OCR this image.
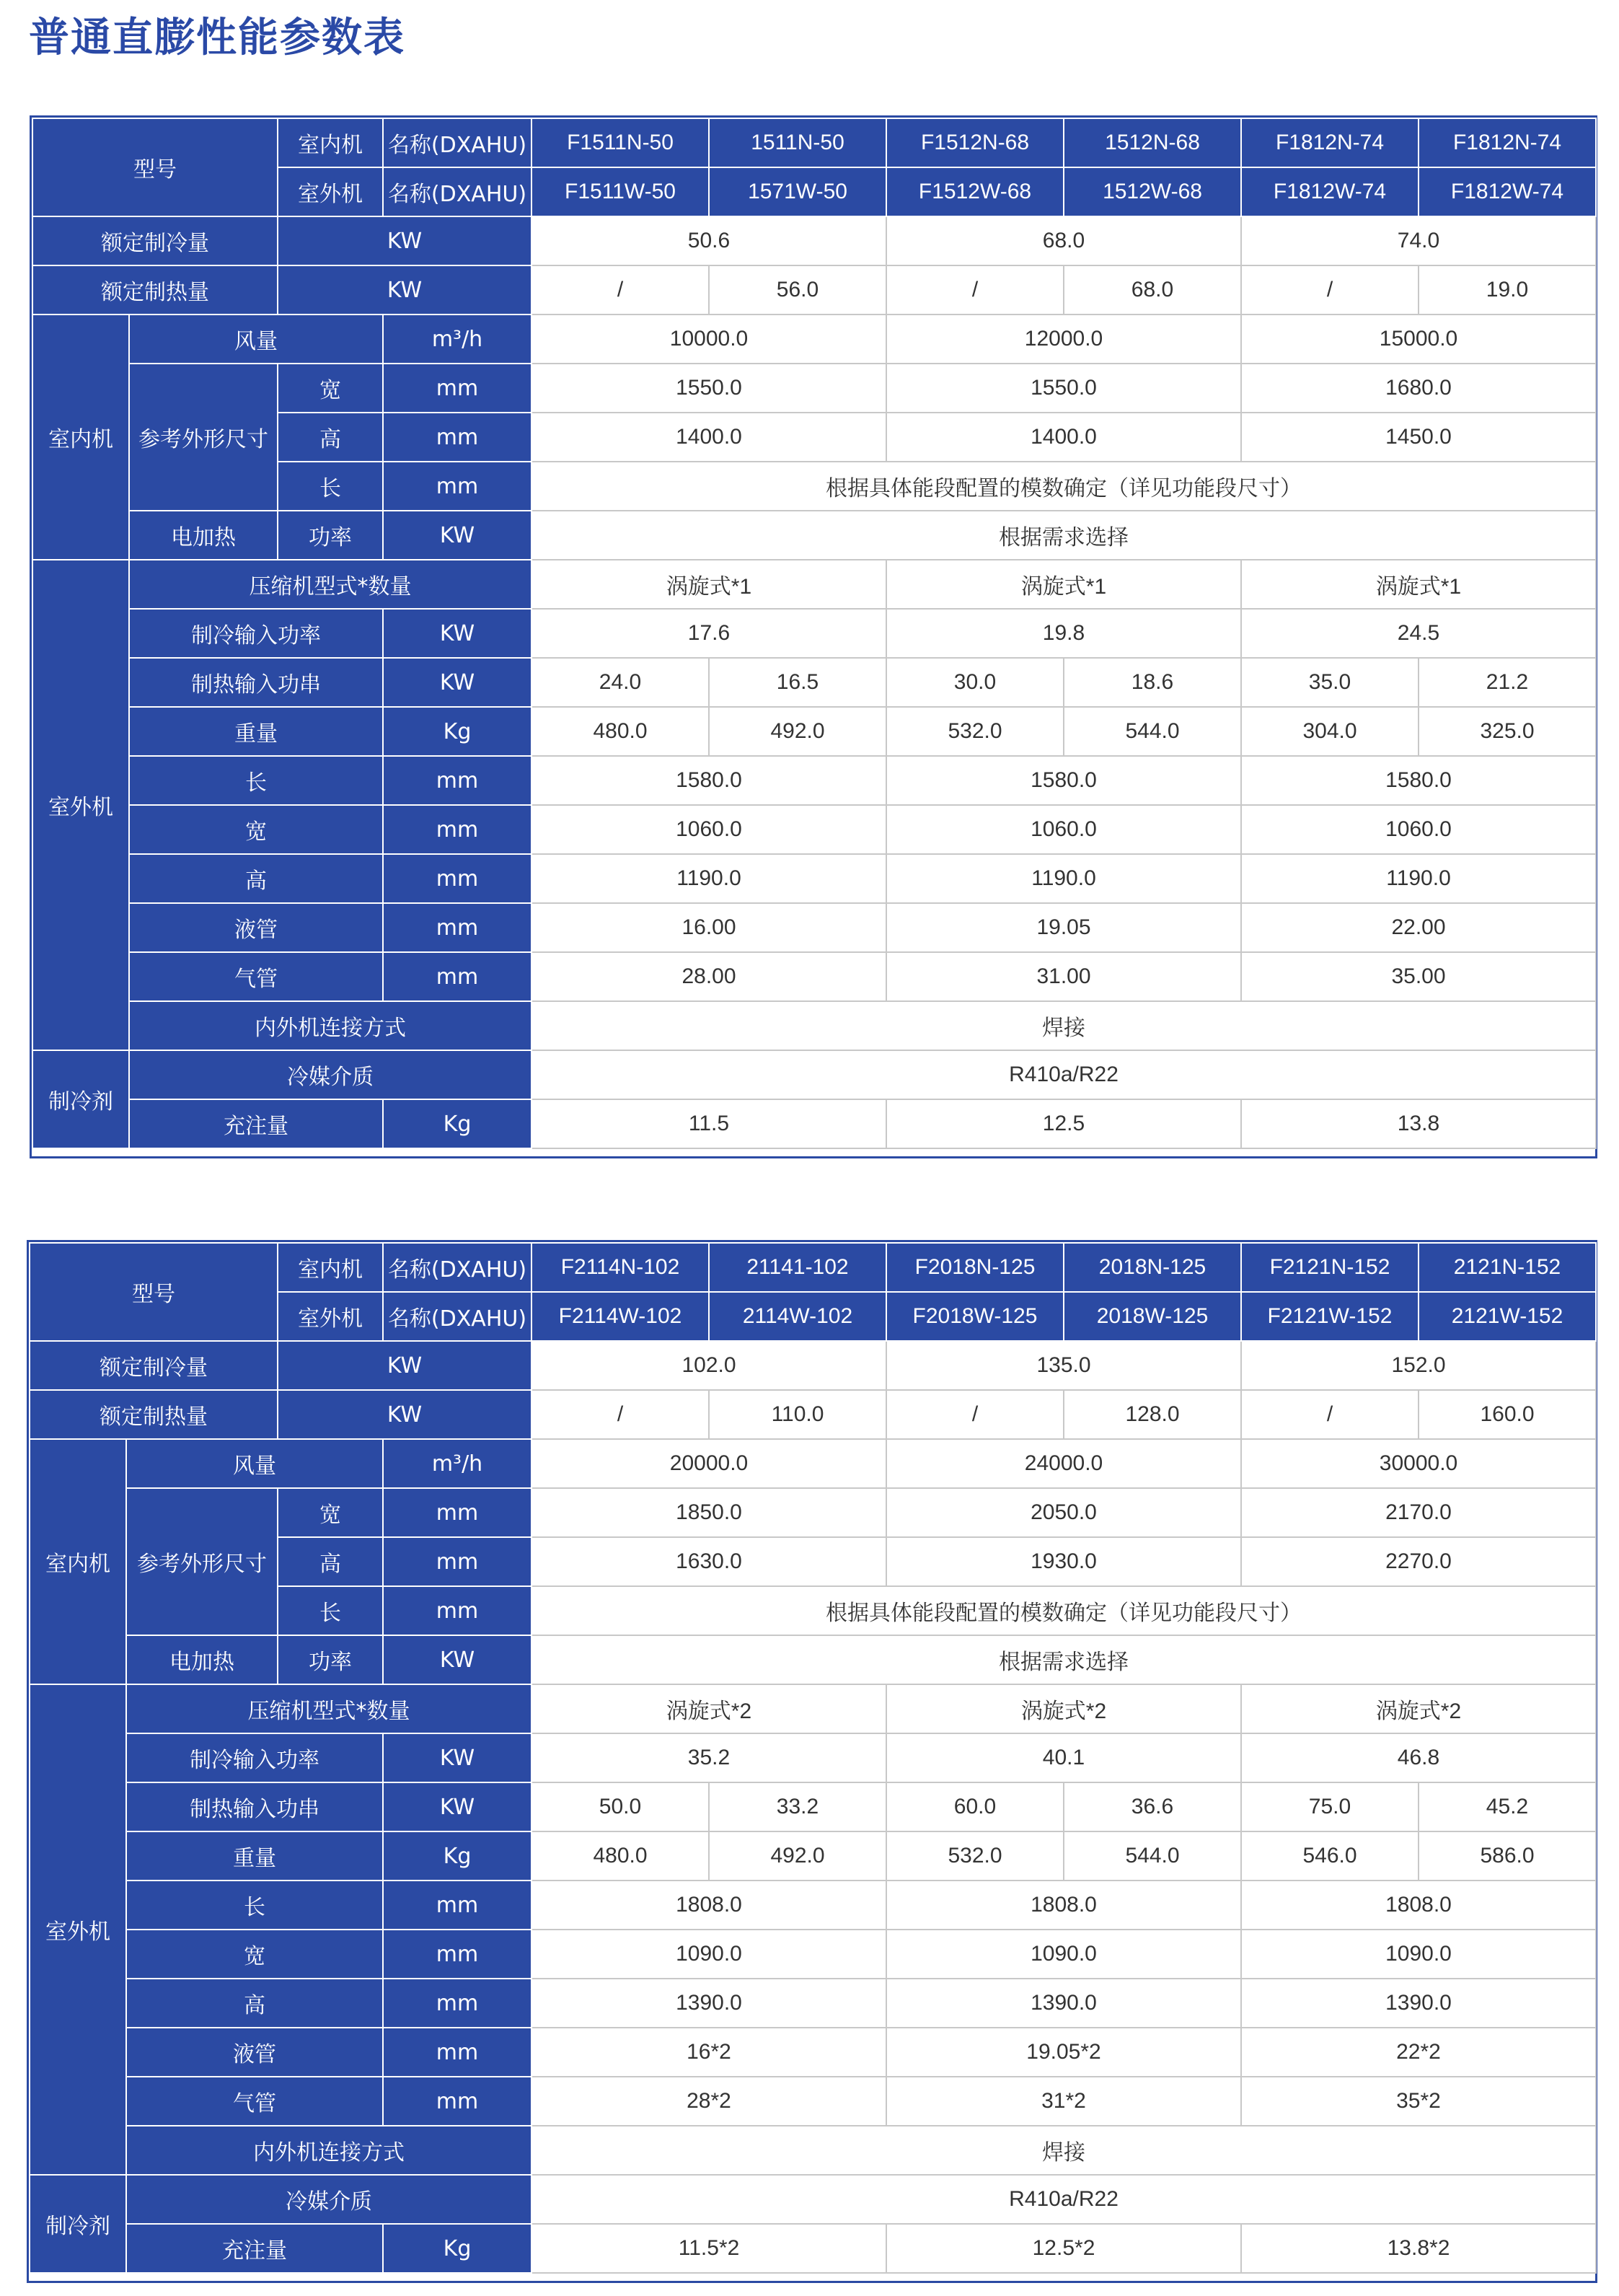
普通直膨性能参数表
型号		室内机	名称(DXAHU)	F1511N-50	1511N-50	F1512N-68	1512N-68	F1812N-74	F1812N-74
		室外机	名称(DXAHU)	F1511W-50	1571W-50	F1512W-68	1512W-68	F1812W-74	F1812W-74
额定制冷量		KW		50.6		68.0		74.0	
额定制热量		KW		/	56.0	/	68.0	/	19.0
室内机	风量		m³/h	10000.0		12000.0		15000.0	
	参考外形尺寸	宽	mm	1550.0		1550.0		1680.0	
		高	mm	1400.0		1400.0		1450.0	
		长	mm	根据具体能段配置的模数确定（详见功能段尺寸）					
	电加热	功率	KW	根据需求选择					
室外机	压缩机型式*数量			涡旋式*1		涡旋式*1		涡旋式*1	
	制冷输入功率		KW	17.6		19.8		24.5	
	制热输入功串		KW	24.0	16.5	30.0	18.6	35.0	21.2
	重量		Kg	480.0	492.0	532.0	544.0	304.0	325.0
	长		mm	1580.0		1580.0		1580.0	
	宽		mm	1060.0		1060.0		1060.0	
	高		mm	1190.0		1190.0		1190.0	
	液管		mm	16.00		19.05		22.00	
	气管		mm	28.00		31.00		35.00	
	内外机连接方式			焊接					
制冷剂	冷媒介质			R410a/R22					
	充注量		Kg	11.5		12.5		13.8	
型号		室内机	名称(DXAHU)	F2114N-102	21141-102	F2018N-125	2018N-125	F2121N-152	2121N-152
		室外机	名称(DXAHU)	F2114W-102	2114W-102	F2018W-125	2018W-125	F2121W-152	2121W-152
额定制冷量		KW		102.0		135.0		152.0	
额定制热量		KW		/	110.0	/	128.0	/	160.0
室内机	风量		m³/h	20000.0		24000.0		30000.0	
	参考外形尺寸	宽	mm	1850.0		2050.0		2170.0	
		高	mm	1630.0		1930.0		2270.0	
		长	mm	根据具体能段配置的模数确定（详见功能段尺寸）					
	电加热	功率	KW	根据需求选择					
室外机	压缩机型式*数量			涡旋式*2		涡旋式*2		涡旋式*2	
	制冷输入功率		KW	35.2		40.1		46.8	
	制热输入功串		KW	50.0	33.2	60.0	36.6	75.0	45.2
	重量		Kg	480.0	492.0	532.0	544.0	546.0	586.0
	长		mm	1808.0		1808.0		1808.0	
	宽		mm	1090.0		1090.0		1090.0	
	高		mm	1390.0		1390.0		1390.0	
	液管		mm	16*2		19.05*2		22*2	
	气管		mm	28*2		31*2		35*2	
	内外机连接方式			焊接					
制冷剂	冷媒介质			R410a/R22					
	充注量		Kg	11.5*2		12.5*2		13.8*2	
